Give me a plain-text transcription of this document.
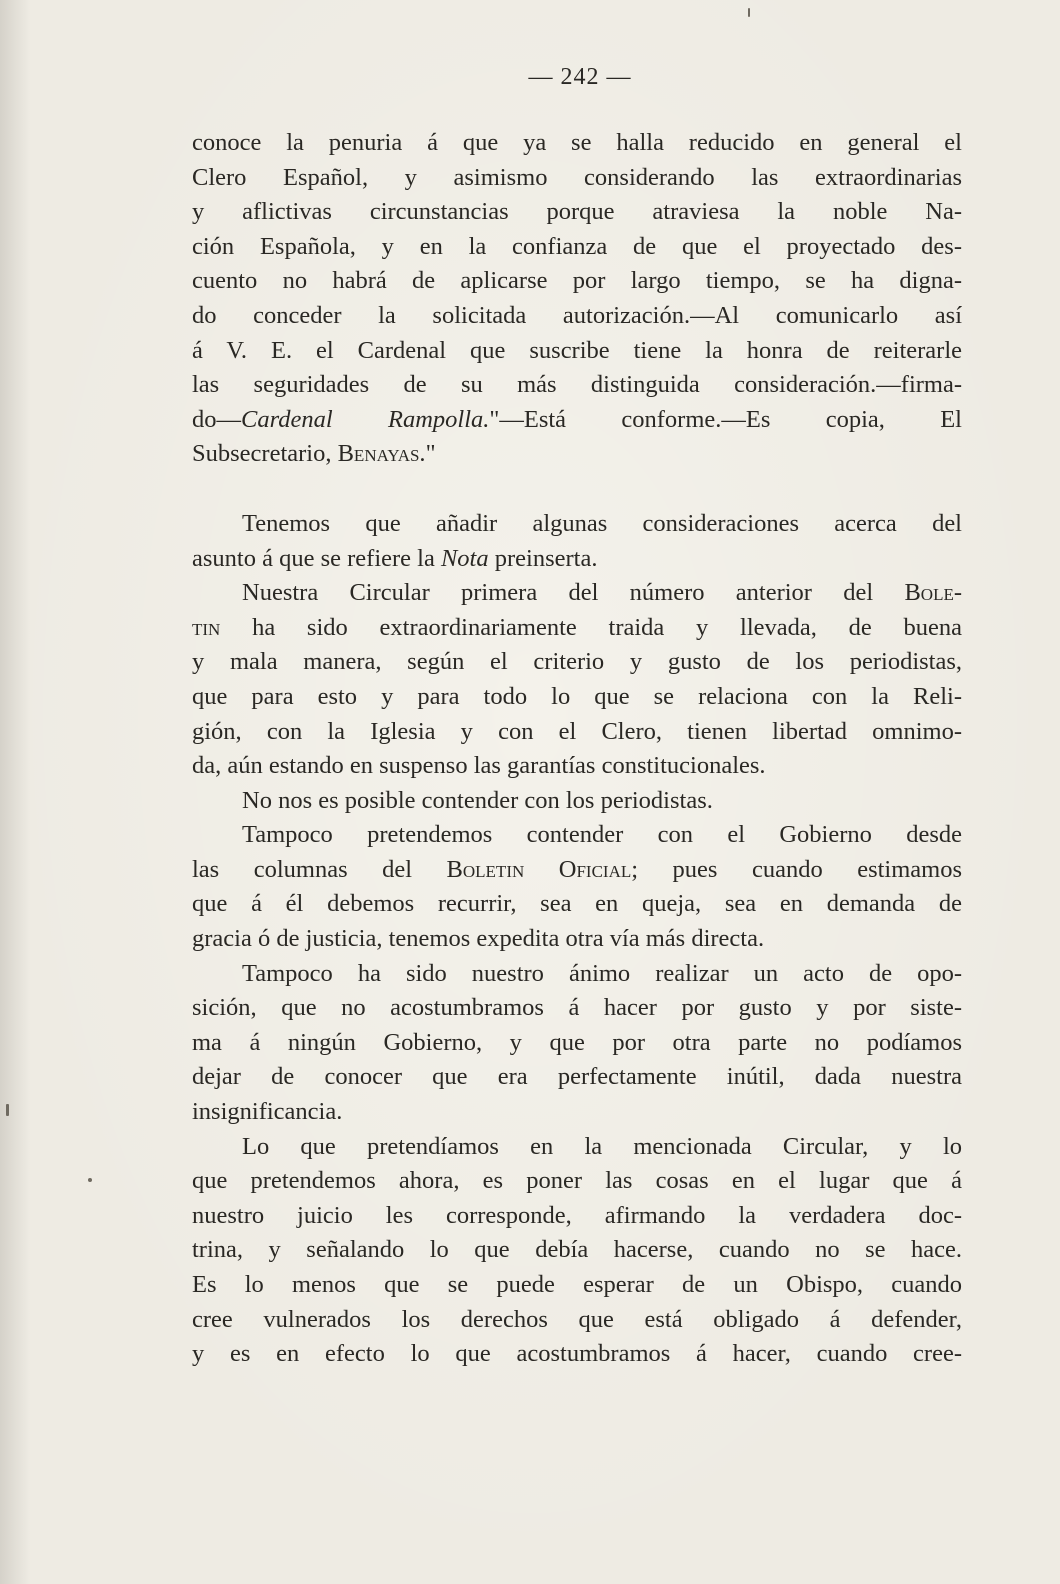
— 242 —
conoce la penuria á que ya se halla reducido en general el
Clero Español, y asimismo considerando las extraordinarias
y aflictivas circunstancias porque atraviesa la noble Na-
ción Española, y en la confianza de que el proyectado des-
cuento no habrá de aplicarse por largo tiempo, se ha digna-
do conceder la solicitada autorización.—Al comunicarlo así
á V. E. el Cardenal que suscribe tiene la honra de reiterarle
las seguridades de su más distinguida consideración.—firma-
do—Cardenal Rampolla."—Está conforme.—Es copia, El
Subsecretario, Benayas."
Tenemos que añadir algunas consideraciones acerca del
asunto á que se refiere la Nota preinserta.
Nuestra Circular primera del número anterior del Bole-
tin ha sido extraordinariamente traida y llevada, de buena
y mala manera, según el criterio y gusto de los periodistas,
que para esto y para todo lo que se relaciona con la Reli-
gión, con la Iglesia y con el Clero, tienen libertad omnimo-
da, aún estando en suspenso las garantías constitucionales.
No nos es posible contender con los periodistas.
Tampoco pretendemos contender con el Gobierno desde
las columnas del Boletin Oficial; pues cuando estimamos
que á él debemos recurrir, sea en queja, sea en demanda de
gracia ó de justicia, tenemos expedita otra vía más directa.
Tampoco ha sido nuestro ánimo realizar un acto de opo-
sición, que no acostumbramos á hacer por gusto y por siste-
ma á ningún Gobierno, y que por otra parte no podíamos
dejar de conocer que era perfectamente inútil, dada nuestra
insignificancia.
Lo que pretendíamos en la mencionada Circular, y lo
que pretendemos ahora, es poner las cosas en el lugar que á
nuestro juicio les corresponde, afirmando la verdadera doc-
trina, y señalando lo que debía hacerse, cuando no se hace.
Es lo menos que se puede esperar de un Obispo, cuando
cree vulnerados los derechos que está obligado á defender,
y es en efecto lo que acostumbramos á hacer, cuando cree-
